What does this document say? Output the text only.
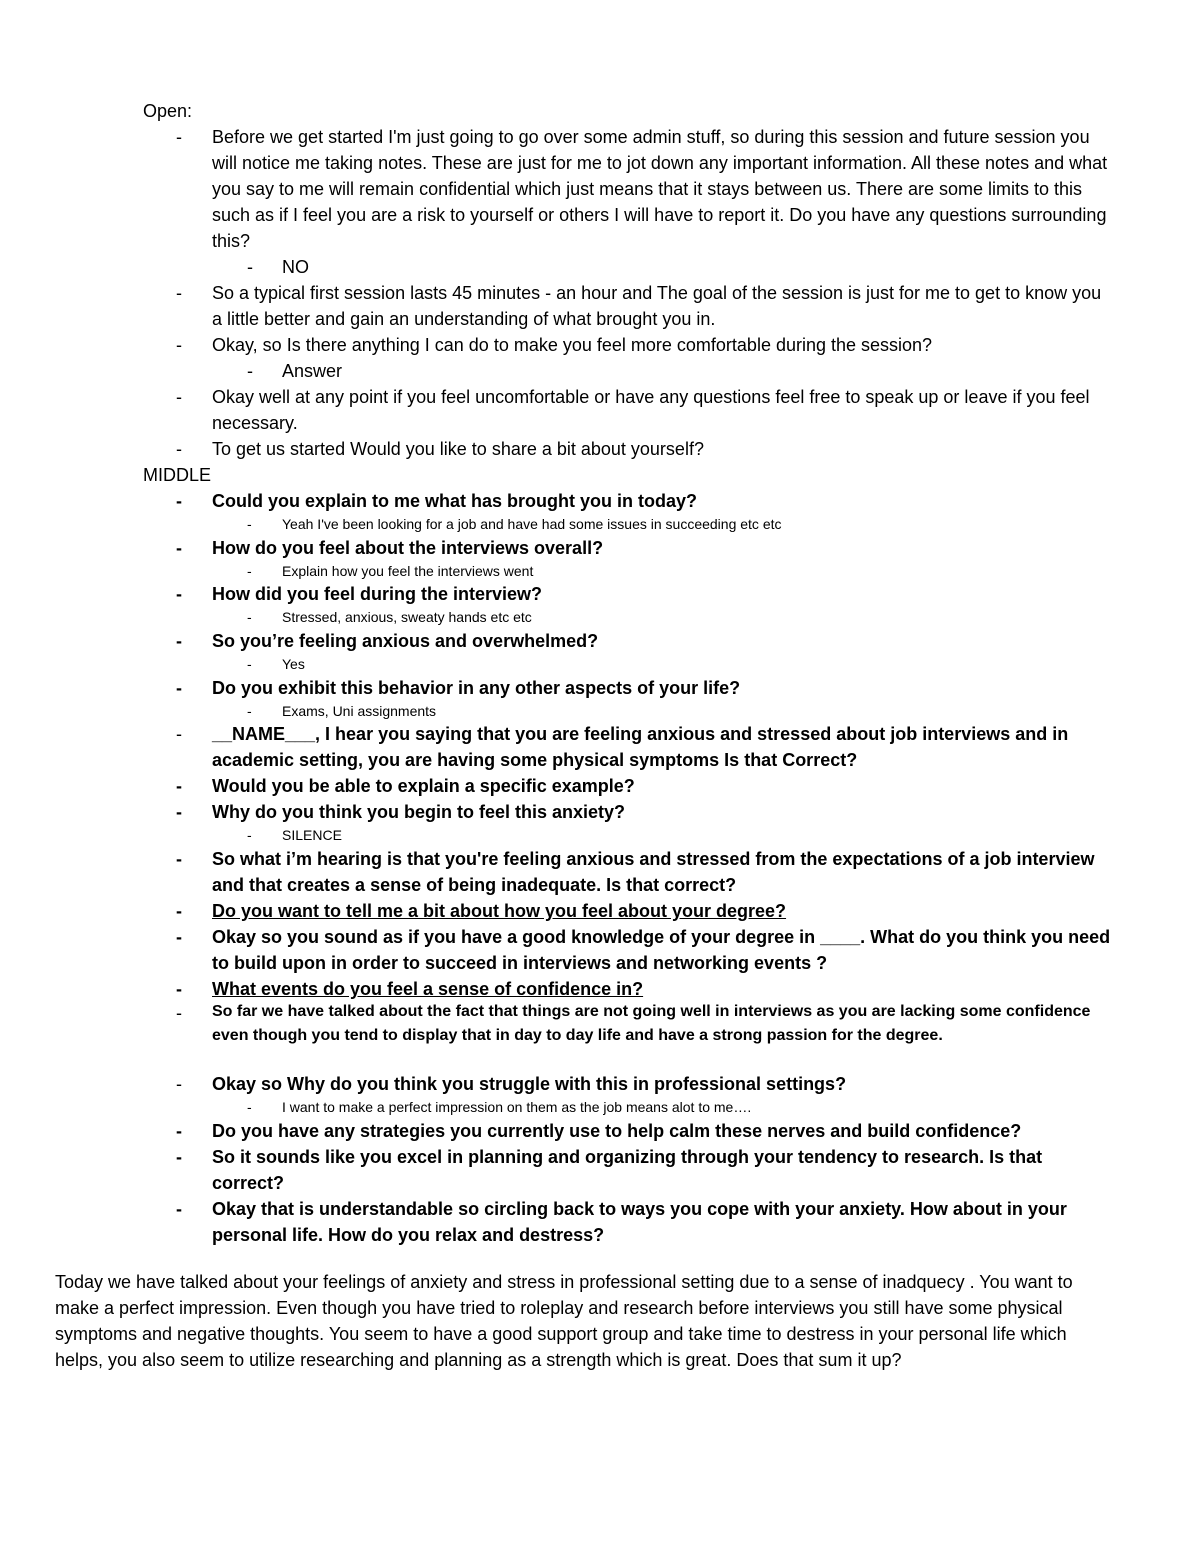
Open:
- Before we get started I'm just going to go over some admin stuff, so during this session and future session you will notice me taking notes. These are just for me to jot down any important information. All these notes and what you say to me will remain confidential which just means that it stays between us. There are some limits to this such as if I feel you are a risk to yourself or others I will have to report it. Do you have any questions surrounding this?
- NO
- So a typical first session lasts 45 minutes - an hour and The goal of the session is just for me to get to know you a little better and gain an understanding of what brought you in.
- Okay, so Is there anything I can do to make you feel more comfortable during the session?
- Answer
- Okay well at any point if you feel uncomfortable or have any questions feel free to speak up or leave if you feel necessary.
- To get us started Would you like to share a bit about yourself?
MIDDLE
- Could you explain to me what has brought you in today?
- Yeah I've been looking for a job and have had some issues in succeeding etc etc
- How do you feel about the interviews overall?
- Explain how you feel the interviews went
- How did you feel during the interview?
- Stressed, anxious, sweaty hands etc etc
- So you’re feeling anxious and overwhelmed?
- Yes
- Do you exhibit this behavior in any other aspects of your life?
- Exams, Uni assignments
- __NAME___, I hear you saying that you are feeling anxious and stressed about job interviews and in academic setting, you are having some physical symptoms Is that Correct?
- Would you be able to explain a specific example?
- Why do you think you begin to feel this anxiety?
- SILENCE
- So what i’m hearing is that you're feeling anxious and stressed from the expectations of a job interview and that creates a sense of being inadequate. Is that correct?
- Do you want to tell me a bit about how you feel about your degree?
- Okay so you sound as if you have a good knowledge of your degree in ____. What do you think you need to build upon in order to succeed in interviews and networking events ?
- What events do you feel a sense of confidence in?
- So far we have talked about the fact that things are not going well in interviews as you are lacking some confidence even though you tend to display that in day to day life and have a strong passion for the degree.
- Okay so Why do you think you struggle with this in professional settings?
- I want to make a perfect impression on them as the job means alot to me….
- Do you have any strategies you currently use to help calm these nerves and build confidence?
- So it sounds like you excel in planning and organizing through your tendency to research. Is that correct?
- Okay that is understandable so circling back to ways you cope with your anxiety. How about in your personal life. How do you relax and destress?
Today we have talked about your feelings of anxiety and stress in professional setting due to a sense of inadquecy . You want to make a perfect impression. Even though you have tried to roleplay and research before interviews you still have some physical symptoms and negative thoughts. You seem to have a good support group and take time to destress in your personal life which helps, you also seem to utilize researching and planning as a strength which is great. Does that sum it up?
